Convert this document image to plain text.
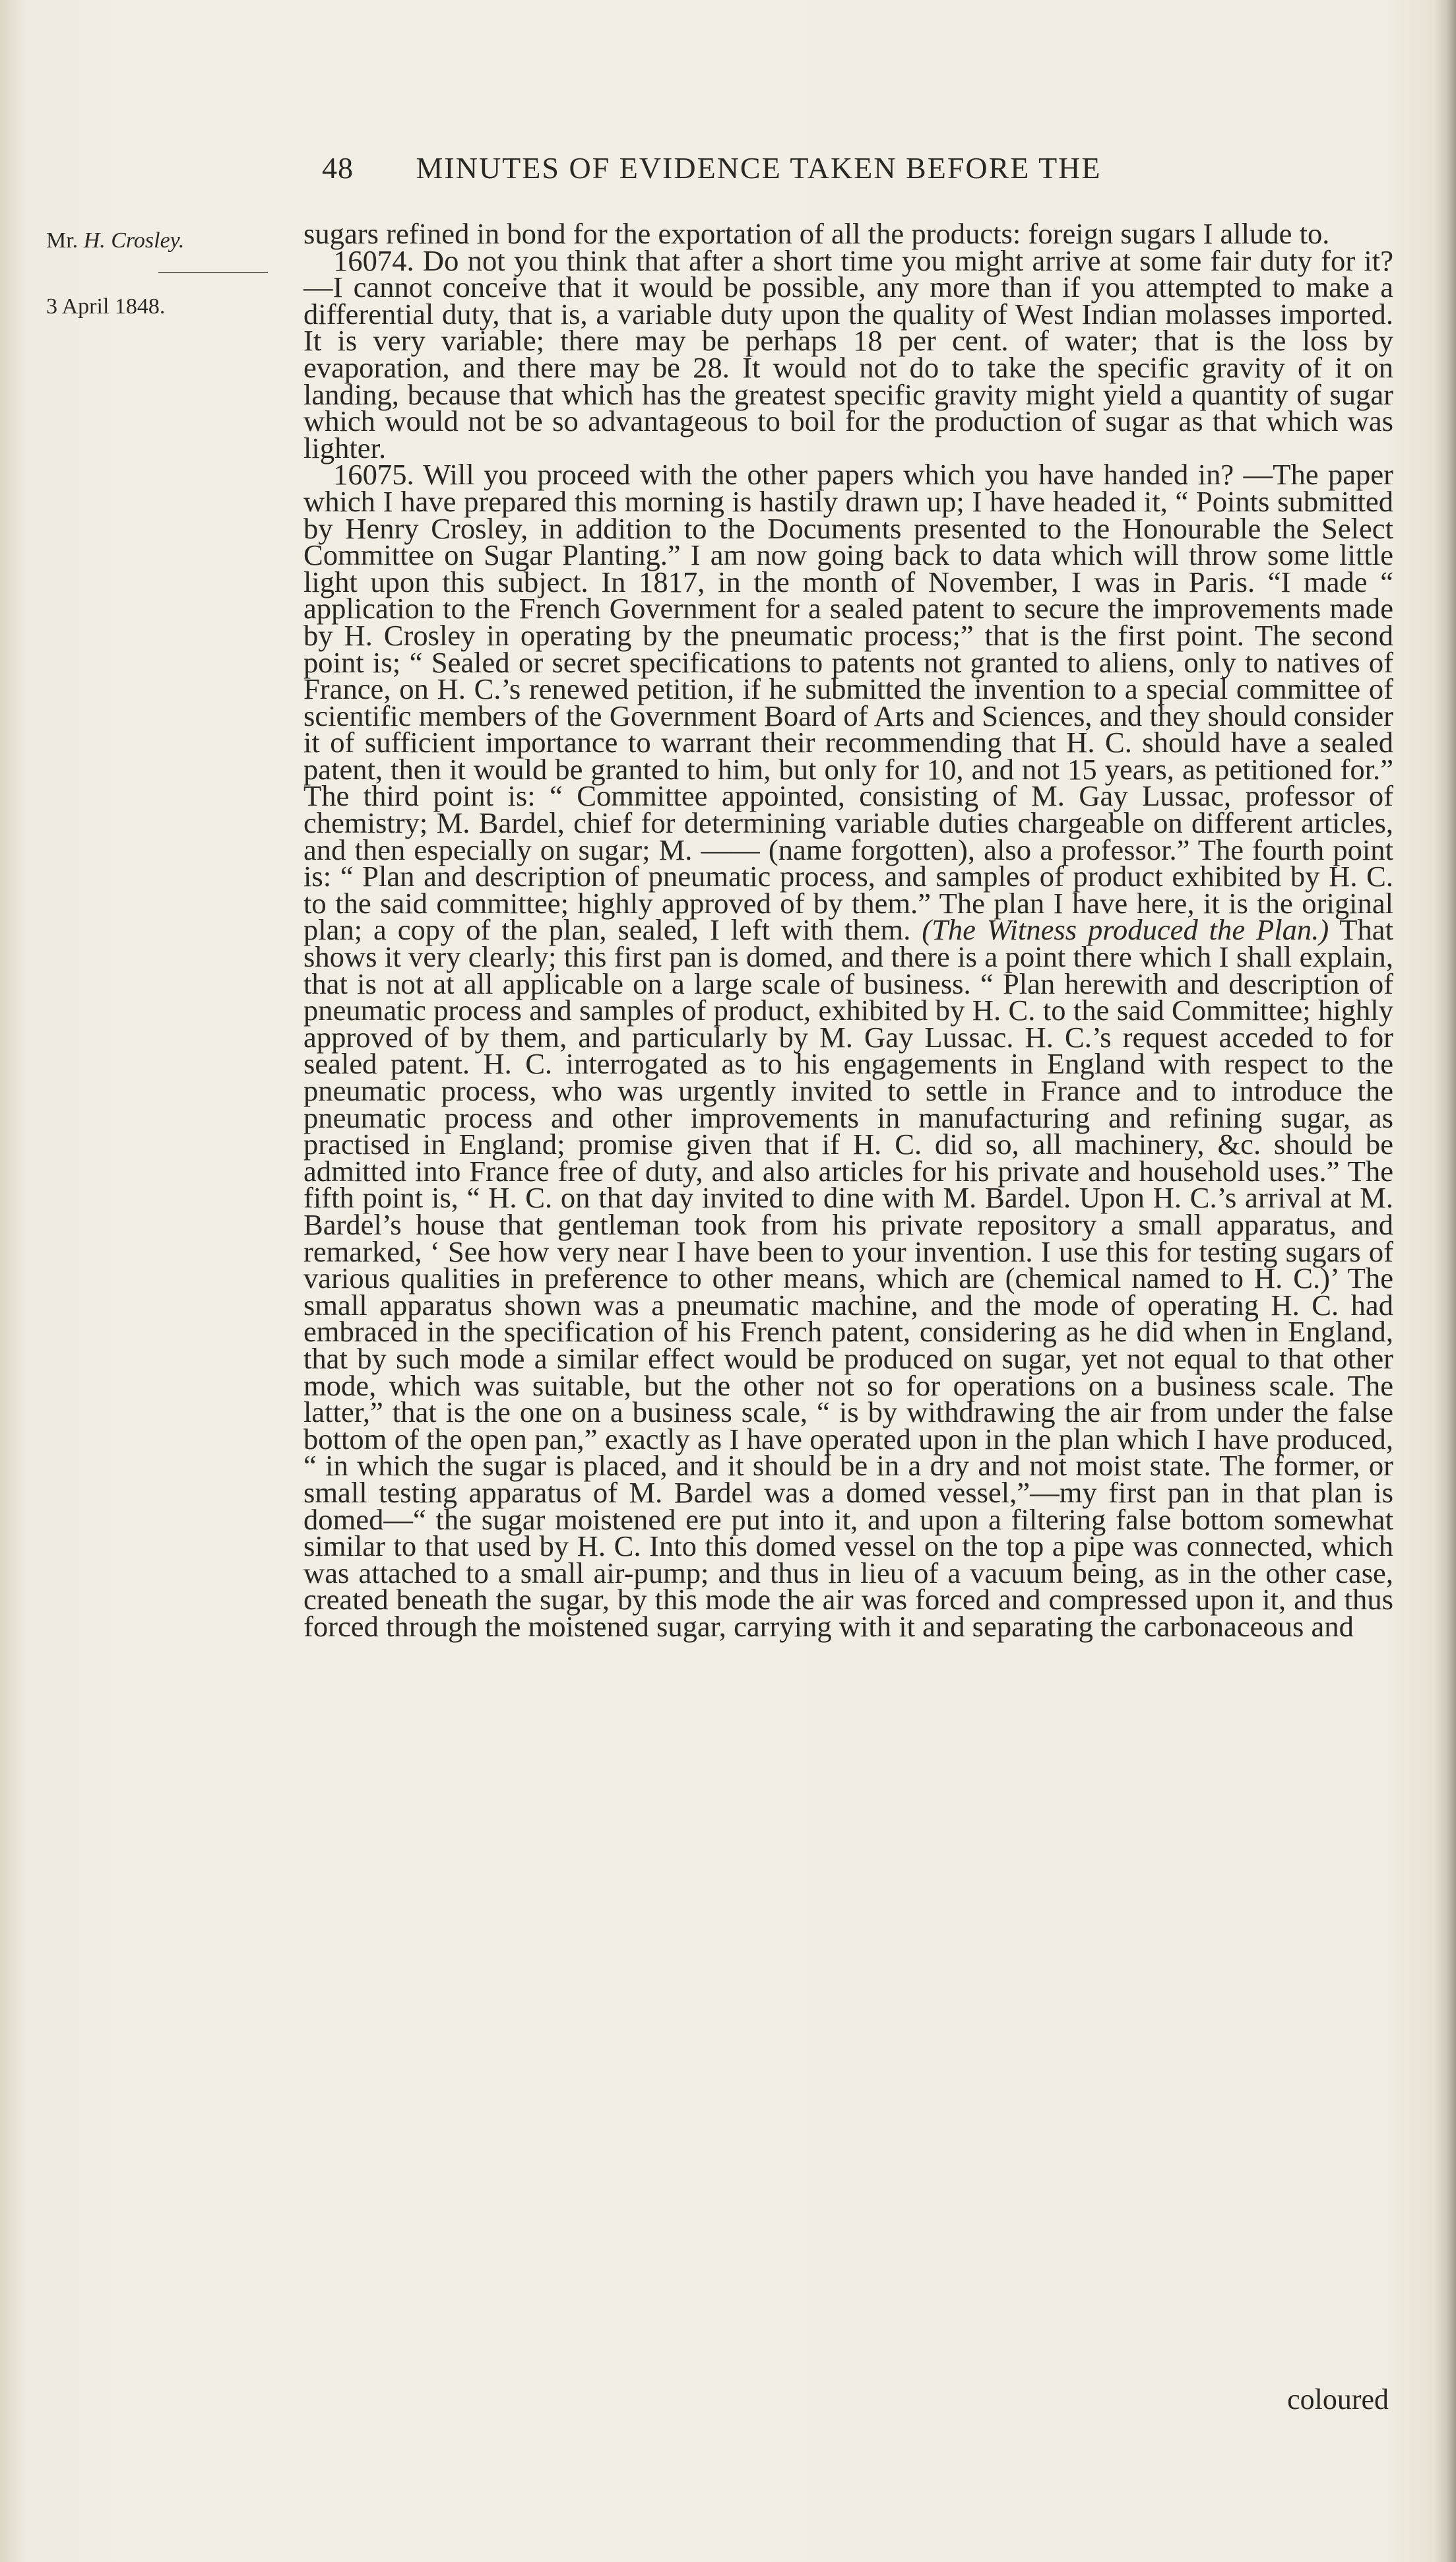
48 MINUTES OF EVIDENCE TAKEN BEFORE THE
Mr. H. Crosley.
3 April 1848.

sugars refined in bond for the exportation of all the products: foreign sugars I allude to.

16074. Do not you think that after a short time you might arrive at some fair duty for it?—I cannot conceive that it would be possible, any more than if you attempted to make a differential duty, that is, a variable duty upon the quality of West Indian molasses imported. It is very variable; there may be perhaps 18 per cent. of water; that is the loss by evaporation, and there may be 28. It would not do to take the specific gravity of it on landing, because that which has the greatest specific gravity might yield a quantity of sugar which would not be so advantageous to boil for the production of sugar as that which was lighter.

16075. Will you proceed with the other papers which you have handed in? —The paper which I have prepared this morning is hastily drawn up; I have headed it, “ Points submitted by Henry Crosley, in addition to the Documents presented to the Honourable the Select Committee on Sugar Planting.” I am now going back to data which will throw some little light upon this subject. In 1817, in the month of November, I was in Paris. “I made “ application to the French Government for a sealed patent to secure the improvements made by H. Crosley in operating by the pneumatic process;” that is the first point. The second point is; “ Sealed or secret specifications to patents not granted to aliens, only to natives of France, on H. C.’s renewed petition, if he submitted the invention to a special committee of scientific members of the Government Board of Arts and Sciences, and they should consider it of sufficient importance to warrant their recommending that H. C. should have a sealed patent, then it would be granted to him, but only for 10, and not 15 years, as petitioned for.” The third point is: “ Committee appointed, consisting of M. Gay Lussac, professor of chemistry; M. Bardel, chief for determining variable duties chargeable on different articles, and then especially on sugar; M. —— (name forgotten), also a professor.” The fourth point is: “ Plan and description of pneumatic process, and samples of product exhibited by H. C. to the said committee; highly approved of by them.” The plan I have here, it is the original plan; a copy of the plan, sealed, I left with them. (The Witness produced the Plan.) That shows it very clearly; this first pan is domed, and there is a point there which I shall explain, that is not at all applicable on a large scale of business. “ Plan herewith and description of pneumatic process and samples of product, exhibited by H. C. to the said Committee; highly approved of by them, and particularly by M. Gay Lussac. H. C.’s request acceded to for sealed patent. H. C. interrogated as to his engagements in England with respect to the pneumatic process, who was urgently invited to settle in France and to introduce the pneumatic process and other improvements in manufacturing and refining sugar, as practised in England; promise given that if H. C. did so, all machinery, &c. should be admitted into France free of duty, and also articles for his private and household uses.” The fifth point is, “ H. C. on that day invited to dine with M. Bardel. Upon H. C.’s arrival at M. Bardel’s house that gentleman took from his private repository a small apparatus, and remarked, ‘ See how very near I have been to your invention. I use this for testing sugars of various qualities in preference to other means, which are (chemical named to H. C.)’ The small apparatus shown was a pneumatic machine, and the mode of operating H. C. had embraced in the specification of his French patent, considering as he did when in England, that by such mode a similar effect would be produced on sugar, yet not equal to that other mode, which was suitable, but the other not so for operations on a business scale. The latter,” that is the one on a business scale, “ is by withdrawing the air from under the false bottom of the open pan,” exactly as I have operated upon in the plan which I have produced, “ in which the sugar is placed, and it should be in a dry and not moist state. The former, or small testing apparatus of M. Bardel was a domed vessel,”—my first pan in that plan is domed—“ the sugar moistened ere put into it, and upon a filtering false bottom somewhat similar to that used by H. C. Into this domed vessel on the top a pipe was connected, which was attached to a small air-pump; and thus in lieu of a vacuum being, as in the other case, created beneath the sugar, by this mode the air was forced and compressed upon it, and thus forced through the moistened sugar, carrying with it and separating the carbonaceous and

coloured
